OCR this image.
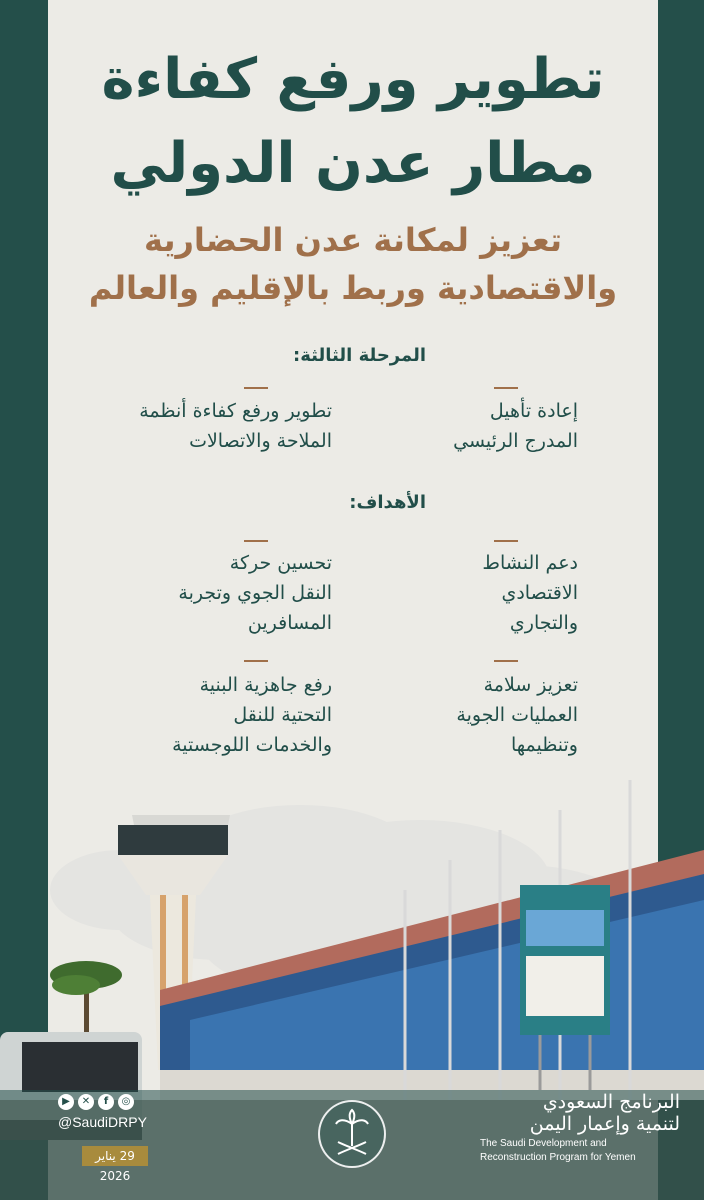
تطوير ورفع كفاءة
مطار عدن الدولي
تعزيز لمكانة عدن الحضارية
والاقتصادية وربط بالإقليم والعالم
المرحلة الثالثة:
إعادة تأهيل
المدرج الرئيسي
تطوير ورفع كفاءة أنظمة
الملاحة والاتصالات
الأهداف:
دعم النشاط
الاقتصادي
والتجاري
تحسين حركة
النقل الجوي وتجربة
المسافرين
تعزيز سلامة
العمليات الجوية
وتنظيمها
رفع جاهزية البنية
التحتية للنقل
والخدمات اللوجستية
▶	✕	f	◎
@SaudiDRPY
29 يناير 2026
البرنامج السعودي
لتنمية وإعمار اليمن
The Saudi Development and
Reconstruction Program for Yemen
